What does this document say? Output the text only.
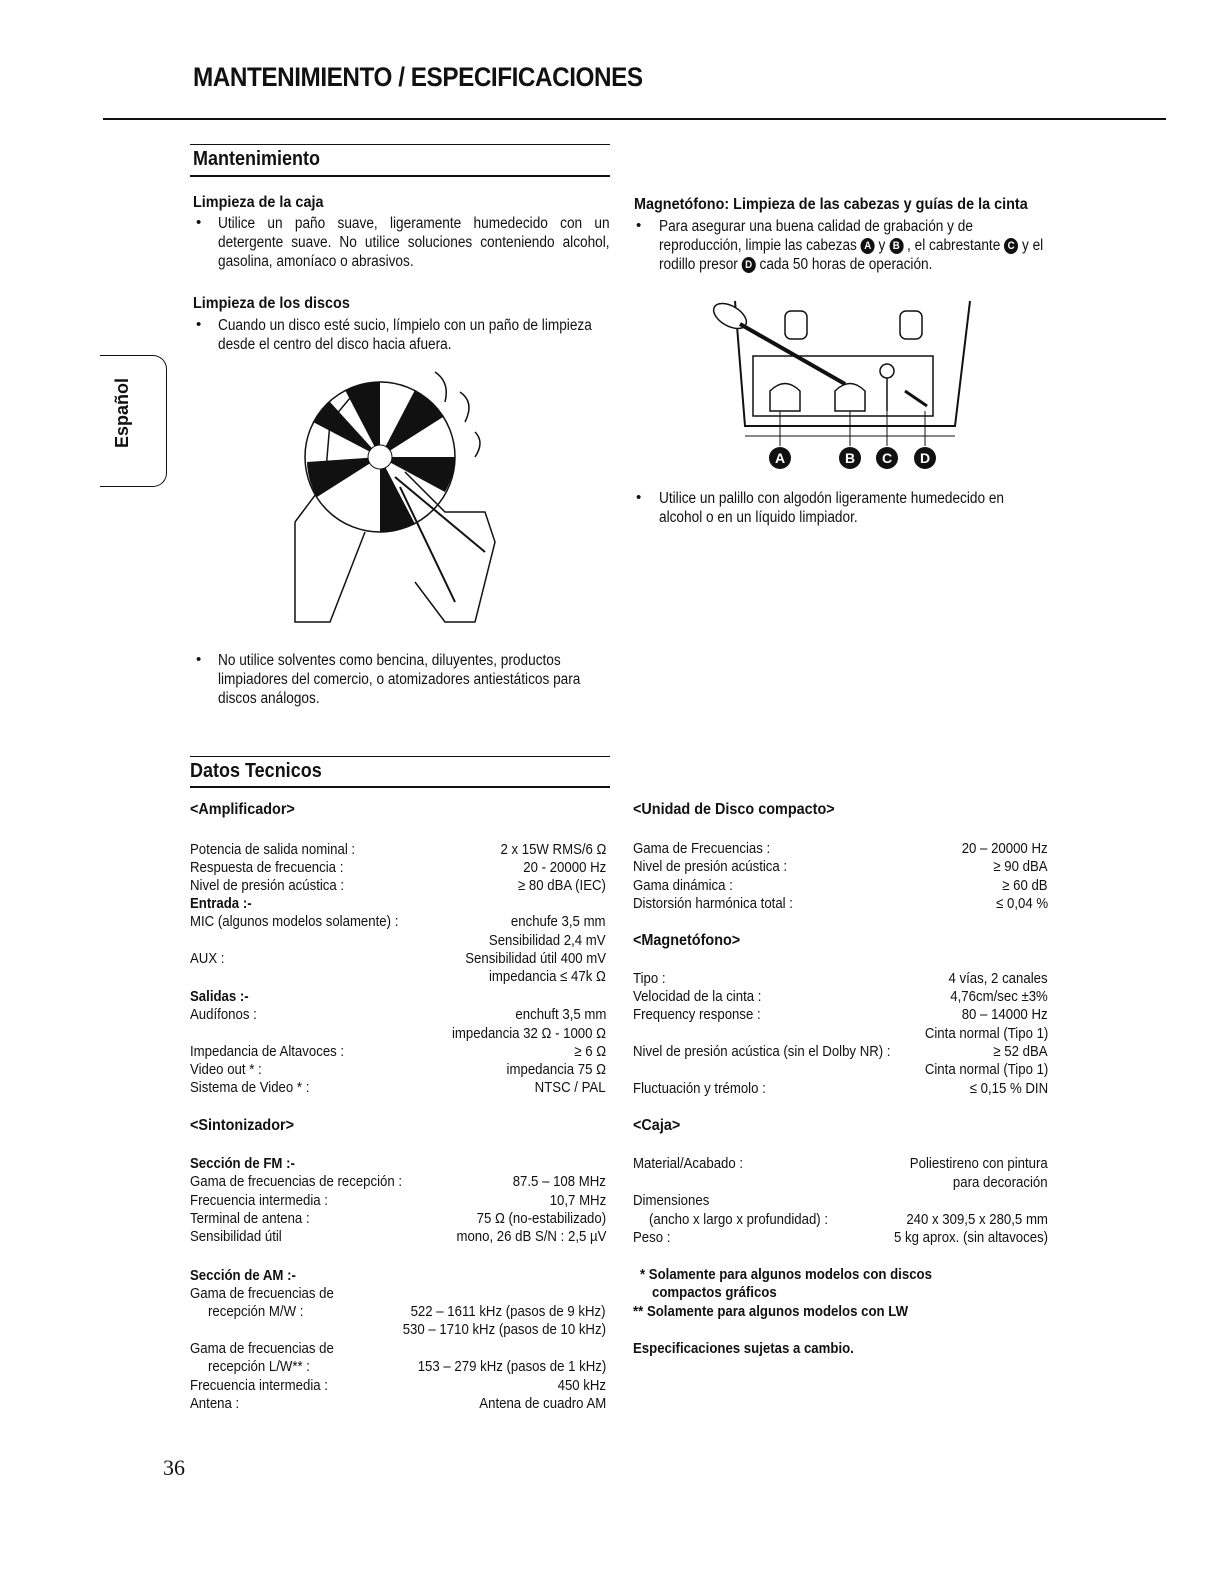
MANTENIMIENTO / ESPECIFICACIONES
Español
Mantenimiento
Limpieza de la caja
• Utilice un paño suave, ligeramente humedecido con un detergente suave. No utilice soluciones conteniendo alcohol, gasolina, amoníaco o abrasivos.
Limpieza de los discos
• Cuando un disco esté sucio, límpielo con un paño de limpieza desde el centro del disco hacia afuera.
• No utilice solventes como bencina, diluyentes, productos limpiadores del comercio, o atomizadores antiestáticos para discos análogos.
Magnetófono: Limpieza de las cabezas y guías de la cinta
• Para asegurar una buena calidad de grabación y de reproducción, limpie las cabezas A y B , el cabrestante C y el rodillo presor D cada 50 horas de operación.
A	B C D
• Utilice un palillo con algodón ligeramente humedecido en alcohol o en un líquido limpiador.
Datos Tecnicos
<Amplificador>
Potencia de salida nominal :	2 x 15W RMS/6 Ω
Respuesta de frecuencia :	20 - 20000 Hz
Nivel de presión acústica :	≥ 80 dBA (IEC)
Entrada :-
MIC (algunos modelos solamente) :	enchufe 3,5 mm
Sensibilidad 2,4 mV
AUX :	Sensibilidad útil 400 mV
impedancia ≤ 47k Ω
Salidas :-
Audífonos :	enchuft 3,5 mm
impedancia 32 Ω - 1000 Ω
Impedancia de Altavoces :	≥ 6 Ω
Video out * :	impedancia 75 Ω
Sistema de Video * :	NTSC / PAL
<Sintonizador>
Sección de FM :-
Gama de frecuencias de recepción :	87.5 – 108 MHz
Frecuencia intermedia :	10,7 MHz
Terminal de antena :	75 Ω (no-estabilizado)
Sensibilidad útil	mono, 26 dB S/N : 2,5 µV
Sección de AM :-
Gama de frecuencias de
recepción M/W :	522 – 1611 kHz (pasos de 9 kHz)
530 – 1710 kHz (pasos de 10 kHz)
Gama de frecuencias de
recepción L/W** :	153 – 279 kHz (pasos de 1 kHz)
Frecuencia intermedia :	450 kHz
Antena :	Antena de cuadro AM
<Unidad de Disco compacto>
Gama de Frecuencias :	20 – 20000 Hz
Nivel de presión acústica :	≥ 90 dBA
Gama dinámica :	≥ 60 dB
Distorsión harmónica total :	≤ 0,04 %
<Magnetófono>
Tipo :	4 vías, 2 canales
Velocidad de la cinta :	4,76cm/sec ±3%
Frequency response :	80 – 14000 Hz
Cinta normal (Tipo 1)
Nivel de presión acústica (sin el Dolby NR) :	≥ 52 dBA
Cinta normal (Tipo 1)
Fluctuación y trémolo :	≤ 0,15 % DIN
<Caja>
Material/Acabado :	Poliestireno con pintura
para decoración
Dimensiones
(ancho x largo x profundidad) :	240 x 309,5 x 280,5 mm
Peso :	5 kg aprox. (sin altavoces)
* Solamente para algunos modelos con discos
compactos gráficos
** Solamente para algunos modelos con LW
Especificaciones sujetas a cambio.
36
